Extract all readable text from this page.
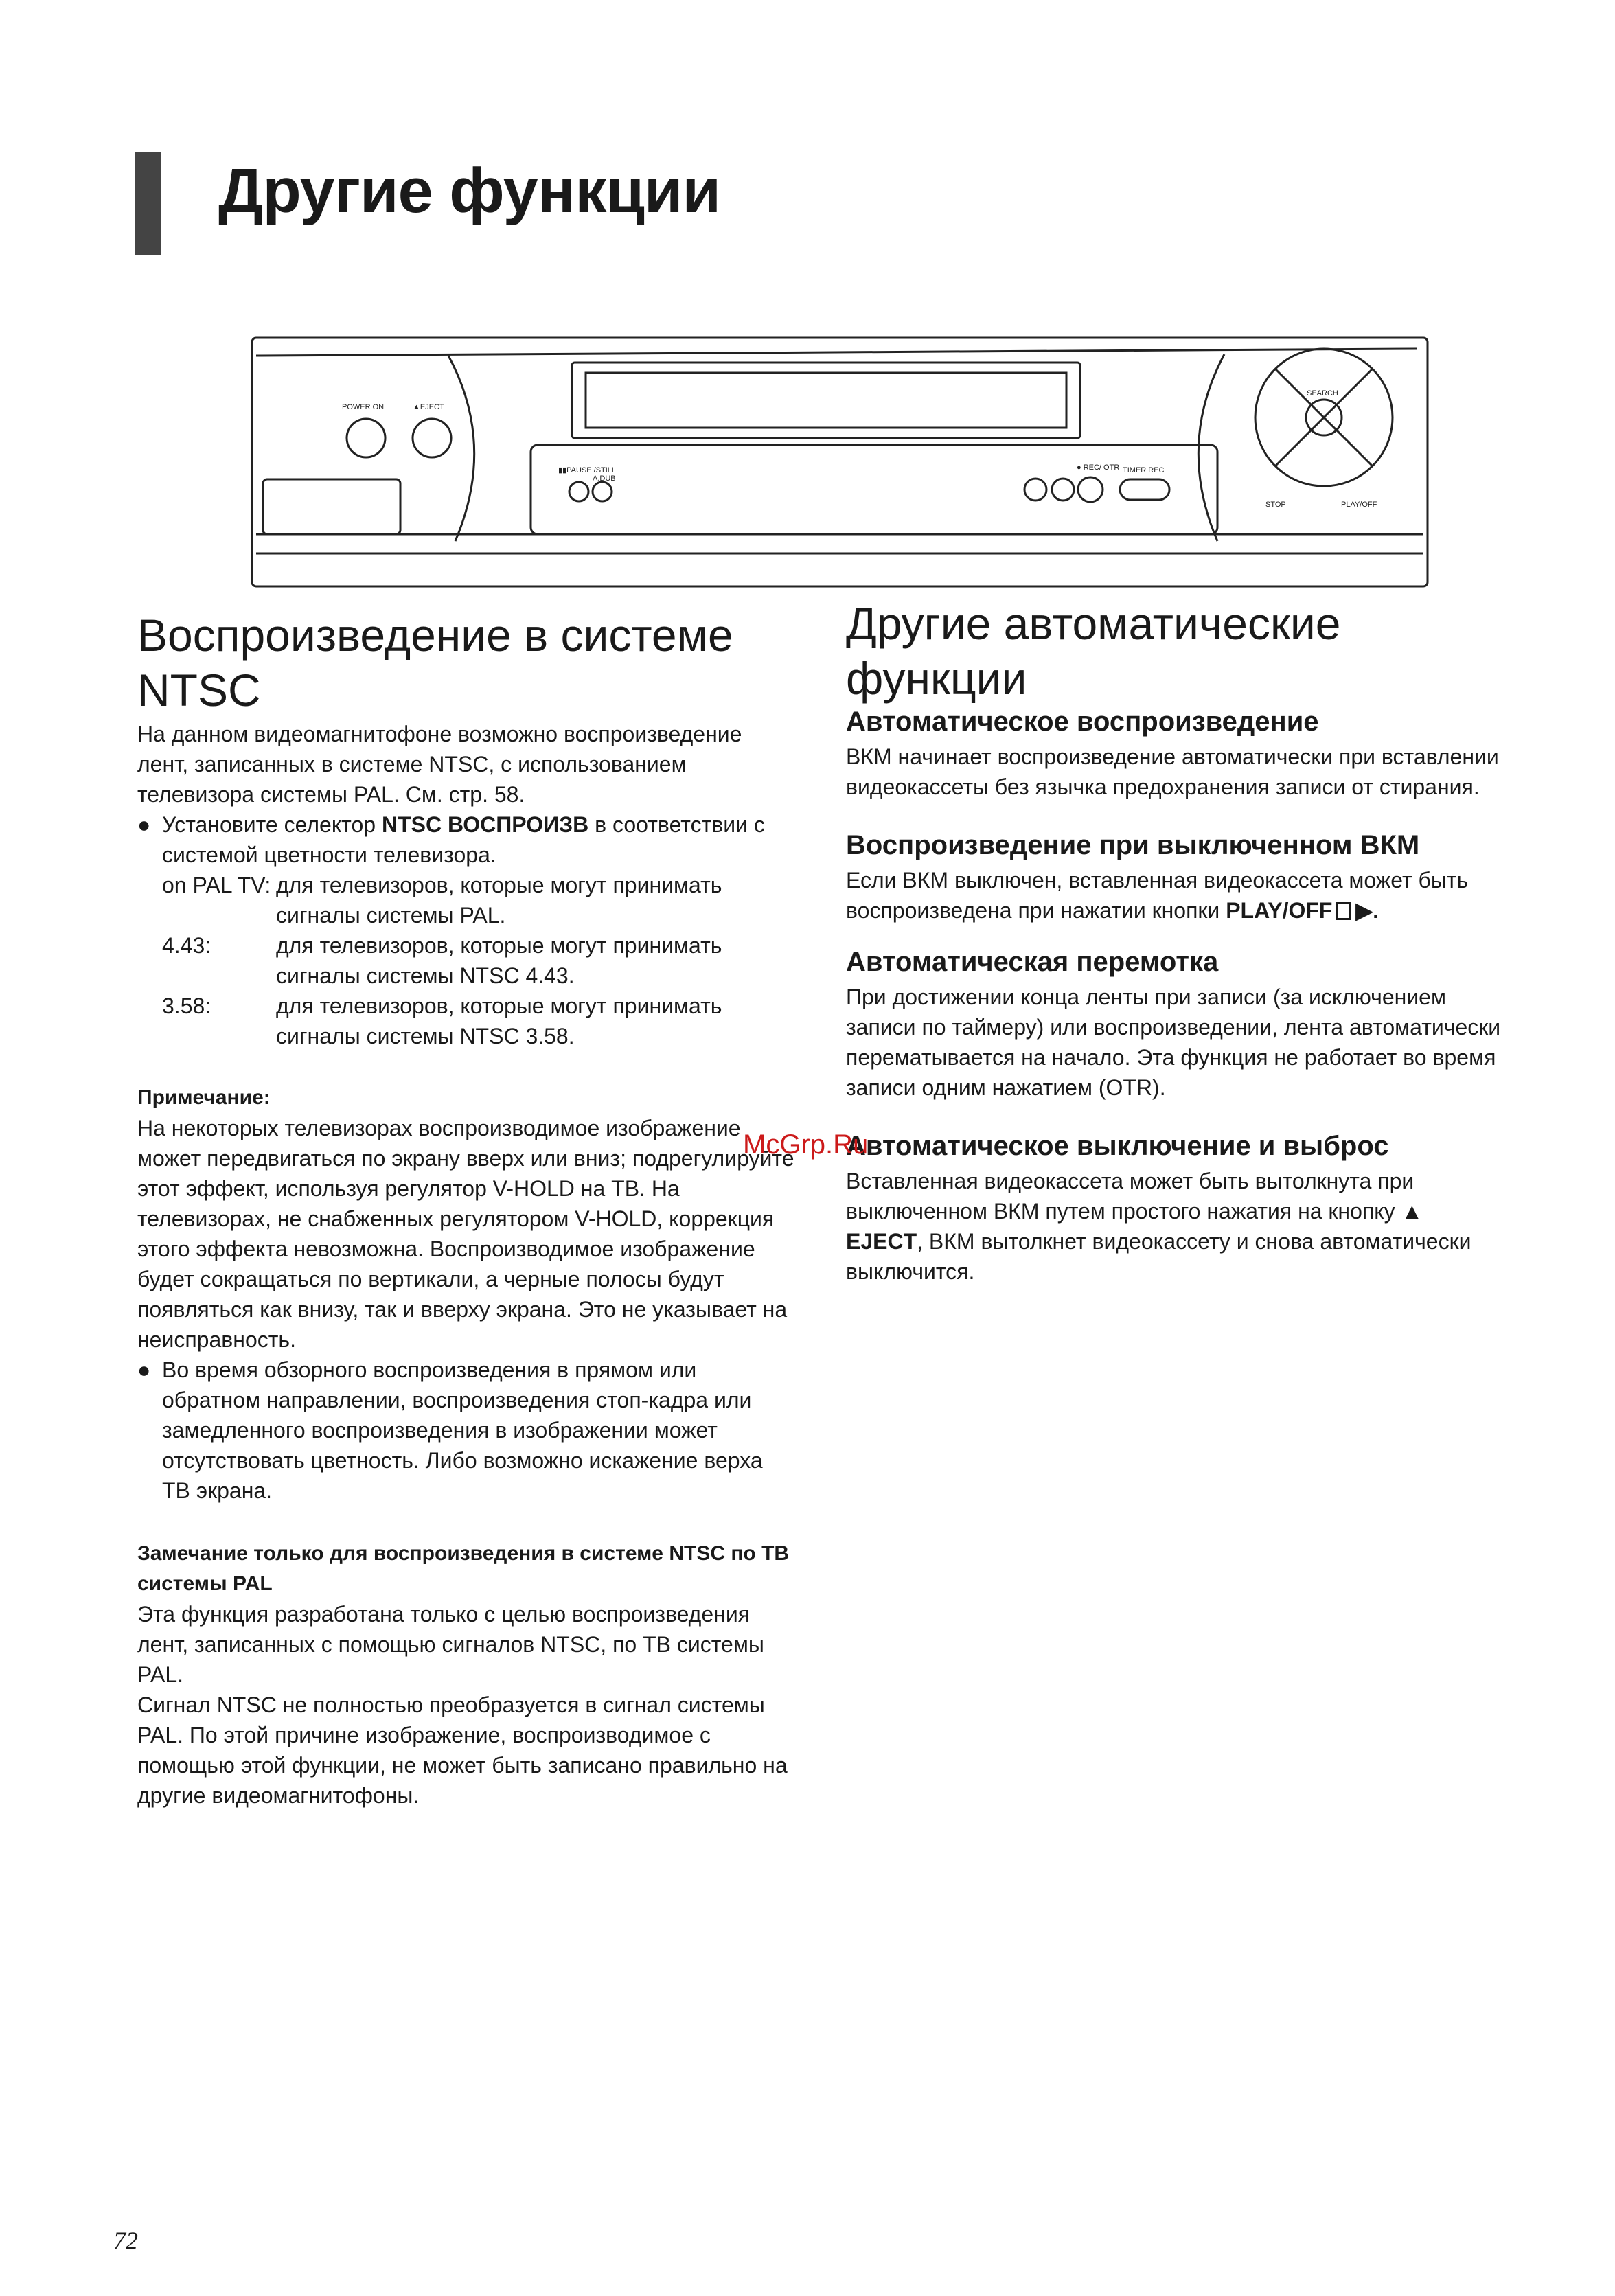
Другие функции
POWER ON	▲EJECT
▮▮PAUSE /STILL
A.DUB
● REC/ OTR TIMER REC
SEARCH
STOP	PLAY/OFF
Воспроизведение в системе NTSC

На данном видеомагнитофоне возможно воспроизведение лент, записанных в системе NTSC, с использованием телевизора системы PAL. См. стр. 58.

● Установите селектор NTSC ВОСПРОИЗВ в соответствии с системой цветности телевизора.
on PAL TV: для телевизоров, которые могут принимать сигналы системы PAL.
4.43:	для телевизоров, которые могут принимать сигналы системы NTSC 4.43.
3.58:	для телевизоров, которые могут принимать сигналы системы NTSC 3.58.
Примечание:

На некоторых телевизорах воспроизводимое изображение может передвигаться по экрану вверх или вниз; подрегулируйте этот эффект, используя регулятор V-HOLD на ТВ. На телевизорах, не снабженных регулятором V-HOLD, коррекция этого эффекта невозможна. Воспроизводимое изображение будет сокращаться по вертикали, а черные полосы будут появляться как внизу, так и вверху экрана. Это не указывает на неисправность.

● Во время обзорного воспроизведения в прямом или обратном направлении, воспроизведения стоп-кадра или замедленного воспроизведения в изображении может отсутствовать цветность. Либо возможно искажение верха ТВ экрана.
Замечание только для воспроизведения в системе NTSC по ТВ системы PAL

Эта функция разработана только с целью воспроизведения лент, записанных с помощью сигналов NTSC, по ТВ системы PAL.

Сигнал NTSC не полностью преобразуется в сигнал системы PAL. По этой причине изображение, воспроизводимое с помощью этой функции, не может быть записано правильно на другие видеомагнитофоны.

Другие автоматические функции
Автоматическое воспроизведение

ВКМ начинает воспроизведение автоматически при вставлении видеокассеты без язычка предохранения записи от стирания.

Воспроизведение при выключенном ВКМ

Если ВКМ выключен, вставленная видеокассета может быть воспроизведена при нажатии кнопки PLAY/OFF ▶.

Автоматическая перемотка

При достижении конца ленты при записи (за исключением записи по таймеру) или воспроизведении, лента автоматически перематывается на начало. Эта функция не работает во время записи одним нажатием (OTR).

Автоматическое выключение и выброс

Вставленная видеокассета может быть вытолкнута при выключенном ВКМ путем простого нажатия на кнопку ▲ EJECT, ВКМ вытолкнет видеокассету и снова автоматически выключится.

McGrp.Ru
72
